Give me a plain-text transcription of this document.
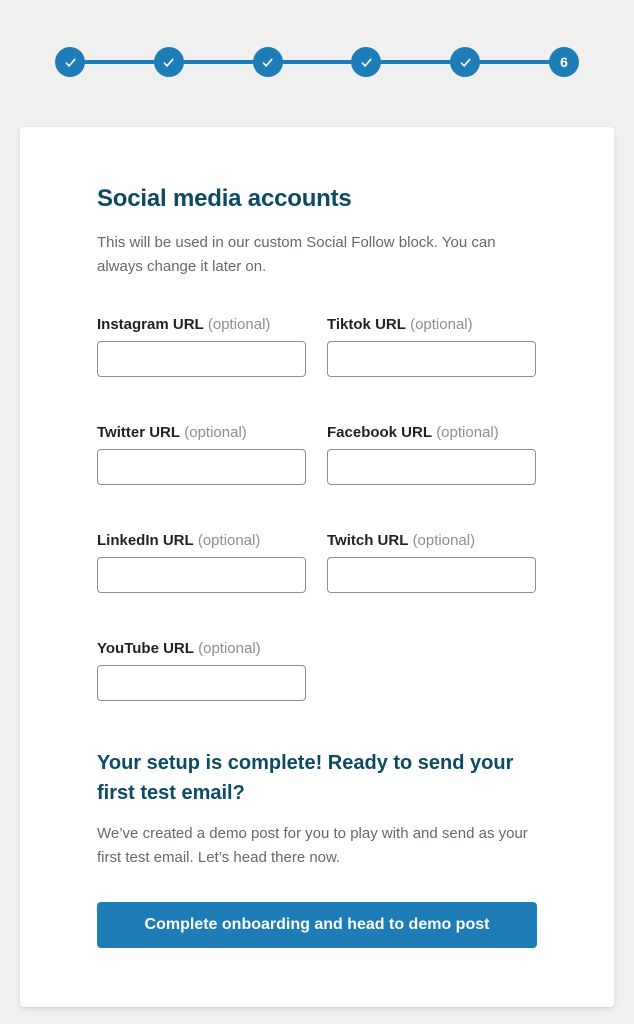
6
Social media accounts

This will be used in our custom Social Follow block. You can always change it later on.

Instagram URL (optional)	Tiktok URL (optional)
Twitter URL (optional)	Facebook URL (optional)
LinkedIn URL (optional)	Twitch URL (optional)
YouTube URL (optional)
Your setup is complete! Ready to send your first test email?

We’ve created a demo post for you to play with and send as your first test email. Let’s head there now.

Complete onboarding and head to demo post
